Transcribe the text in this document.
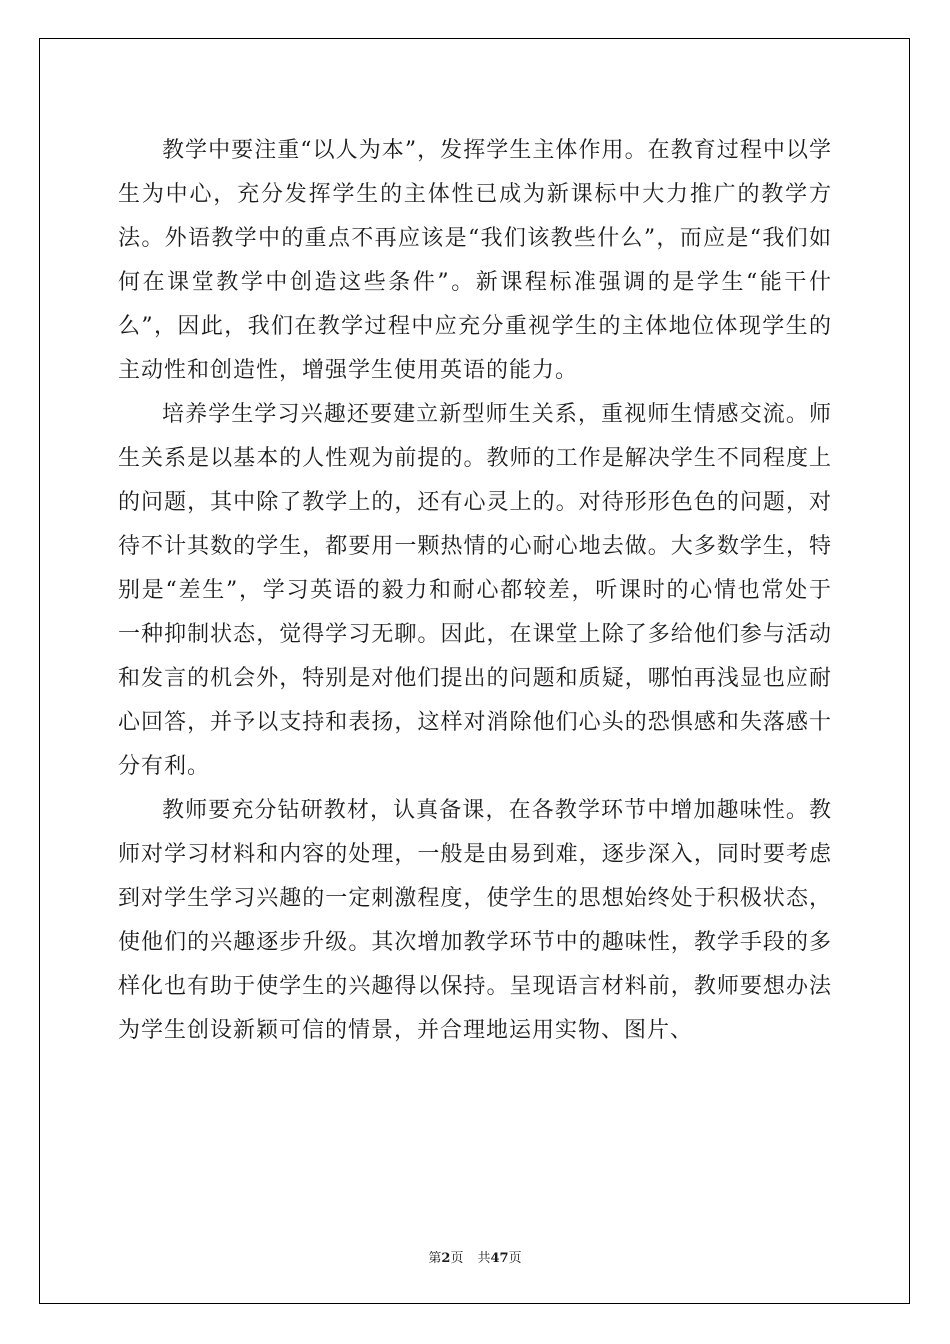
教学中要注重“以人为本”，发挥学生主体作用。在教育过程中以学生为中心，充分发挥学生的主体性已成为新课标中大力推广的教学方法。外语教学中的重点不再应该是“我们该教些什么”，而应是“我们如何在课堂教学中创造这些条件”。新课程标准强调的是学生“能干什么”，因此，我们在教学过程中应充分重视学生的主体地位体现学生的主动性和创造性，增强学生使用英语的能力。

培养学生学习兴趣还要建立新型师生关系，重视师生情感交流。师生关系是以基本的人性观为前提的。教师的工作是解决学生不同程度上的问题，其中除了教学上的，还有心灵上的。对待形形色色的问题，对待不计其数的学生，都要用一颗热情的心耐心地去做。大多数学生，特别是“差生”，学习英语的毅力和耐心都较差，听课时的心情也常处于一种抑制状态，觉得学习无聊。因此，在课堂上除了多给他们参与活动和发言的机会外，特别是对他们提出的问题和质疑，哪怕再浅显也应耐心回答，并予以支持和表扬，这样对消除他们心头的恐惧感和失落感十分有利。

教师要充分钻研教材，认真备课，在各教学环节中增加趣味性。教师对学习材料和内容的处理，一般是由易到难，逐步深入，同时要考虑到对学生学习兴趣的一定刺激程度，使学生的思想始终处于积极状态，使他们的兴趣逐步升级。其次增加教学环节中的趣味性，教学手段的多样化也有助于使学生的兴趣得以保持。呈现语言材料前，教师要想办法为学生创设新颖可信的情景，并合理地运用实物、图片、

第2页 共47页
